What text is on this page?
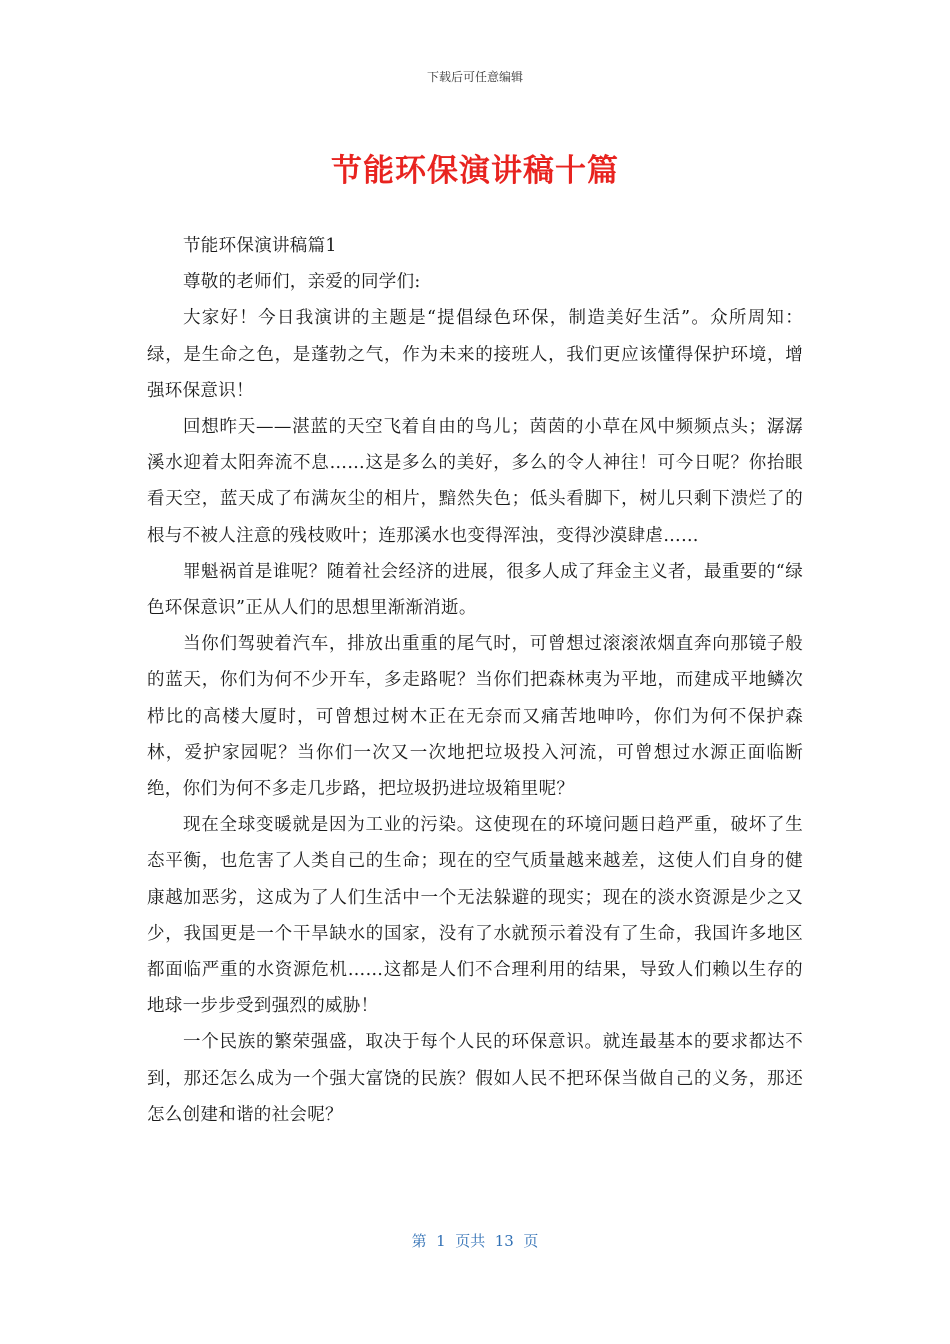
下载后可任意编辑
节能环保演讲稿十篇

节能环保演讲稿篇1

尊敬的老师们，亲爱的同学们:

大家好！今日我演讲的主题是“提倡绿色环保，制造美好生活”。众所周知：绿，是生命之色，是蓬勃之气，作为未来的接班人，我们更应该懂得保护环境，增强环保意识！

回想昨天——湛蓝的天空飞着自由的鸟儿；茵茵的小草在风中频频点头；潺潺溪水迎着太阳奔流不息……这是多么的美好，多么的令人神往！可今日呢？你抬眼看天空，蓝天成了布满灰尘的相片，黯然失色；低头看脚下，树儿只剩下溃烂了的根与不被人注意的残枝败叶；连那溪水也变得浑浊，变得沙漠肆虐……

罪魁祸首是谁呢？随着社会经济的进展，很多人成了拜金主义者，最重要的“绿色环保意识”正从人们的思想里渐渐消逝。

当你们驾驶着汽车，排放出重重的尾气时，可曾想过滚滚浓烟直奔向那镜子般的蓝天，你们为何不少开车，多走路呢？当你们把森林夷为平地，而建成平地鳞次栉比的高楼大厦时，可曾想过树木正在无奈而又痛苦地呻吟，你们为何不保护森林，爱护家园呢？当你们一次又一次地把垃圾投入河流，可曾想过水源正面临断绝，你们为何不多走几步路，把垃圾扔进垃圾箱里呢？

现在全球变暖就是因为工业的污染。这使现在的环境问题日趋严重，破坏了生态平衡，也危害了人类自己的生命；现在的空气质量越来越差，这使人们自身的健康越加恶劣，这成为了人们生活中一个无法躲避的现实；现在的淡水资源是少之又少，我国更是一个干旱缺水的国家，没有了水就预示着没有了生命，我国许多地区都面临严重的水资源危机……这都是人们不合理利用的结果，导致人们赖以生存的地球一步步受到强烈的威胁！

一个民族的繁荣强盛，取决于每个人民的环保意识。就连最基本的要求都达不到，那还怎么成为一个强大富饶的民族？假如人民不把环保当做自己的义务，那还怎么创建和谐的社会呢？

第  1  页共  13  页
